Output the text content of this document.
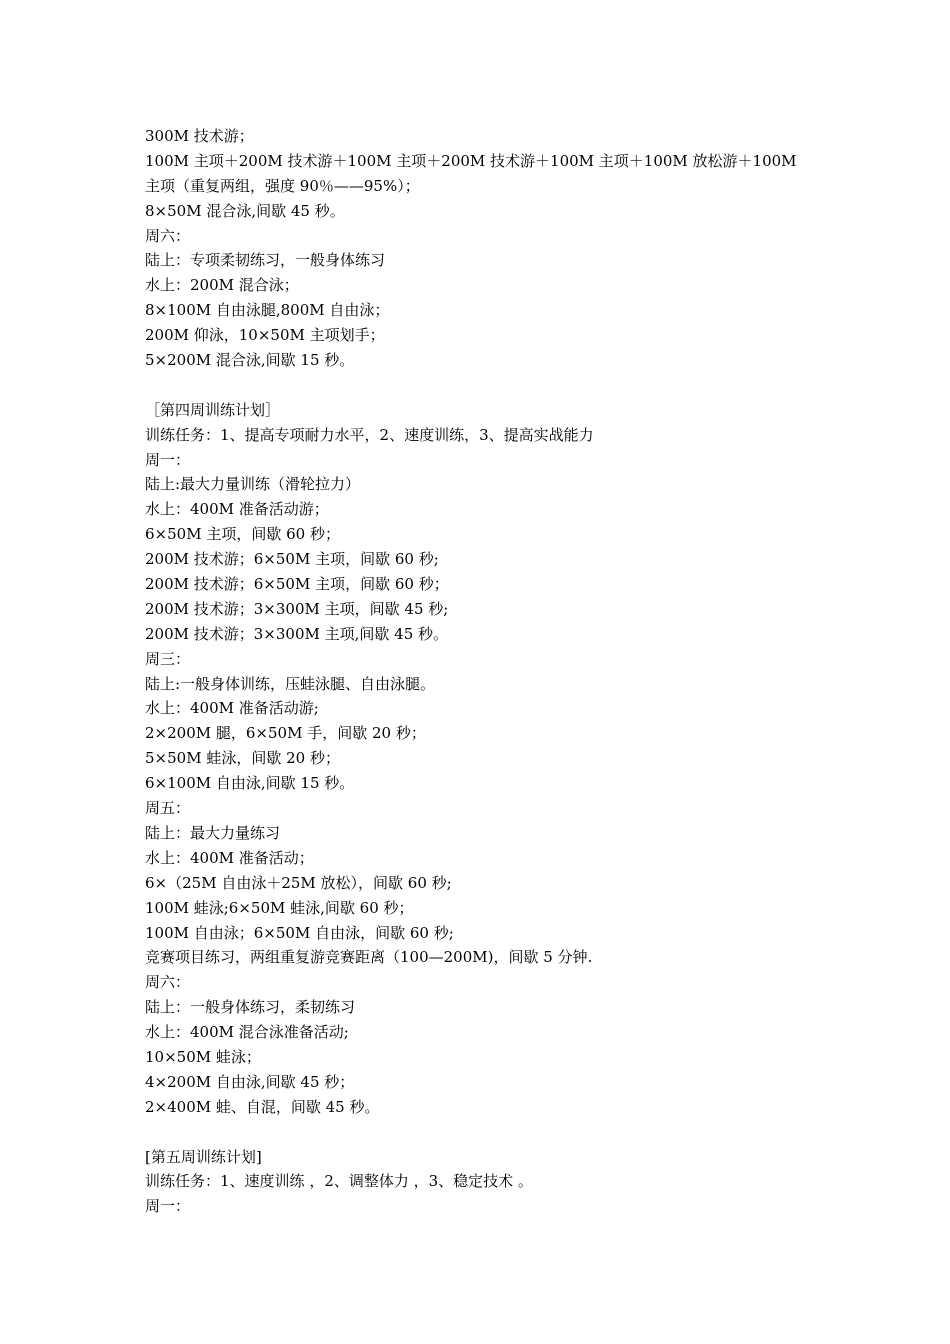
300M 技术游；
100M 主项＋200M 技术游＋100M 主项＋200M 技术游＋100M 主项＋100M 放松游＋100M
主项（重复两组，强度 90％——95%）；
8×50M 混合泳,间歇 45 秒。
周六：
陆上：专项柔韧练习，一般身体练习
水上：200M 混合泳；
8×100M 自由泳腿,800M 自由泳；
200M 仰泳，10×50M 主项划手；
5×200M 混合泳,间歇 15 秒。
［第四周训练计划］
训练任务：1、提高专项耐力水平，2、速度训练，3、提高实战能力
周一：
陆上:最大力量训练（滑轮拉力）
水上：400M 准备活动游；
6×50M 主项，间歇 60 秒；
200M 技术游；6×50M 主项，间歇 60 秒;
200M 技术游；6×50M 主项，间歇 60 秒；
200M 技术游；3×300M 主项，间歇 45 秒;
200M 技术游；3×300M 主项,间歇 45 秒。
周三：
陆上:一般身体训练，压蛙泳腿、自由泳腿。
水上：400M 准备活动游;
2×200M 腿，6×50M 手，间歇 20 秒；
5×50M 蛙泳，间歇 20 秒；
6×100M 自由泳,间歇 15 秒。
周五：
陆上：最大力量练习
水上：400M 准备活动；
6×（25M 自由泳＋25M 放松），间歇 60 秒;
100M 蛙泳;6×50M 蛙泳,间歇 60 秒；
100M 自由泳；6×50M 自由泳，间歇 60 秒;
竞赛项目练习，两组重复游竞赛距离（100—200M)，间歇 5 分钟.
周六：
陆上：一般身体练习，柔韧练习
水上：400M 混合泳准备活动;
10×50M 蛙泳；
4×200M 自由泳,间歇 45 秒；
2×400M 蛙、自混，间歇 45 秒。
[第五周训练计划]
训练任务：1、速度训练 ，2、调整体力 ，3、稳定技术 。
周一：
